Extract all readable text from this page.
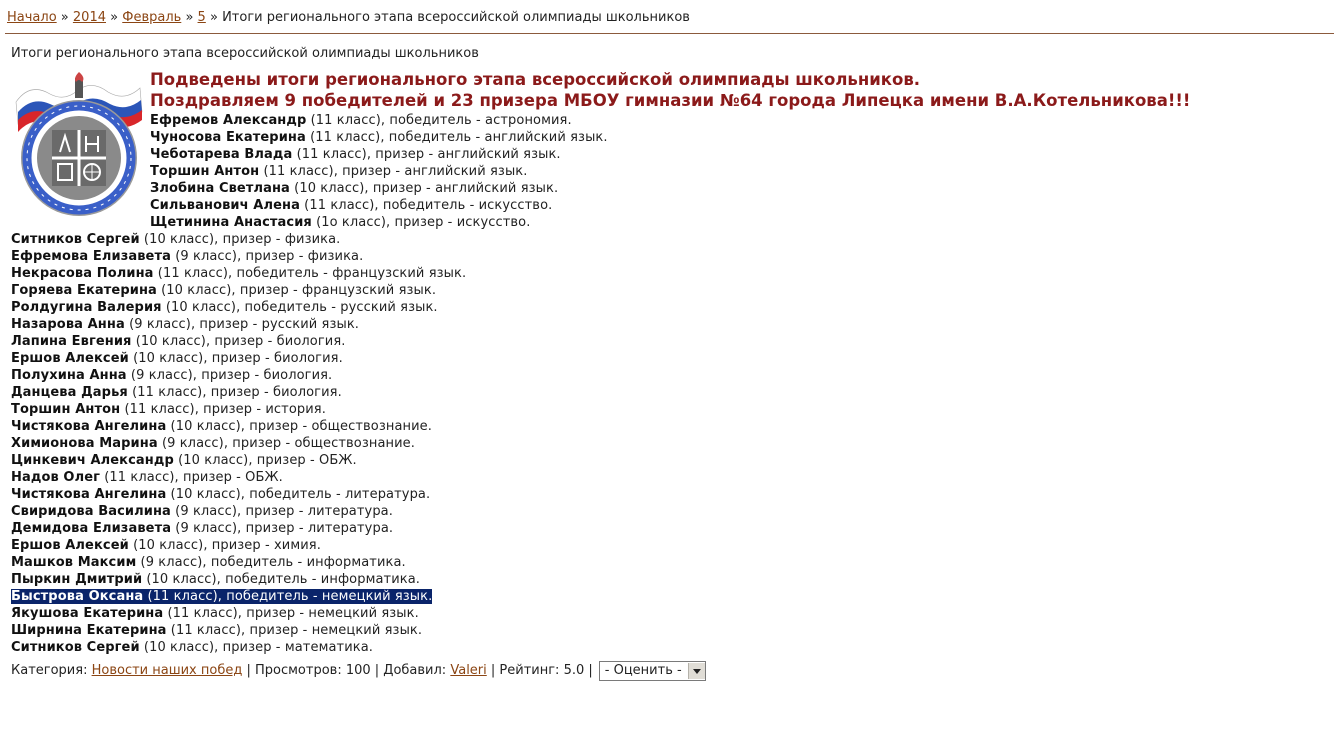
Начало » 2014 » Февраль » 5 » Итоги регионального этапа всероссийской олимпиады школьников
Итоги регионального этапа всероссийской олимпиады школьников
Подведены итоги регионального этапа всероссийской олимпиады школьников.
Поздравляем 9 победителей и 23 призера МБОУ гимназии №64 города Липецка имени В.А.Котельникова!!!
Ефремов Александр (11 класс), победитель - астрономия.
Чуносова Екатерина (11 класс), победитель - английский язык.
Чеботарева Влада (11 класс), призер - английский язык.
Торшин Антон (11 класс), призер - английский язык.
Злобина Светлана (10 класс), призер - английский язык.
Сильванович Алена (11 класс), победитель - искусство.
Щетинина Анастасия (1о класс), призер - искусство.
Ситников Сергей (10 класс), призер - физика.
Ефремова Елизавета (9 класс), призер - физика.
Некрасова Полина (11 класс), победитель - французский язык.
Горяева Екатерина (10 класс), призер - французский язык.
Ролдугина Валерия (10 класс), победитель - русский язык.
Назарова Анна (9 класс), призер - русский язык.
Лапина Евгения (10 класс), призер - биология.
Ершов Алексей (10 класс), призер - биология.
Полухина Анна (9 класс), призер - биология.
Данцева Дарья (11 класс), призер - биология.
Торшин Антон (11 класс), призер - история.
Чистякова Ангелина (10 класс), призер - обществознание.
Химионова Марина (9 класс), призер - обществознание.
Цинкевич Александр (10 класс), призер - ОБЖ.
Надов Олег (11 класс), призер - ОБЖ.
Чистякова Ангелина (10 класс), победитель - литература.
Свиридова Василина (9 класс), призер - литература.
Демидова Елизавета (9 класс), призер - литература.
Ершов Алексей (10 класс), призер - химия.
Машков Максим (9 класс), победитель - информатика.
Пыркин Дмитрий (10 класс), победитель - информатика.
Быстрова Оксана (11 класс), победитель - немецкий язык.
Якушова Екатерина (11 класс), призер - немецкий язык.
Ширнина Екатерина (11 класс), призер - немецкий язык.
Ситников Сергей (10 класс), призер - математика.
Категория:
Новости наших побед
| Просмотров: 100 | Добавил:
Valeri
| Рейтинг: 5.0 | - Оценить -
